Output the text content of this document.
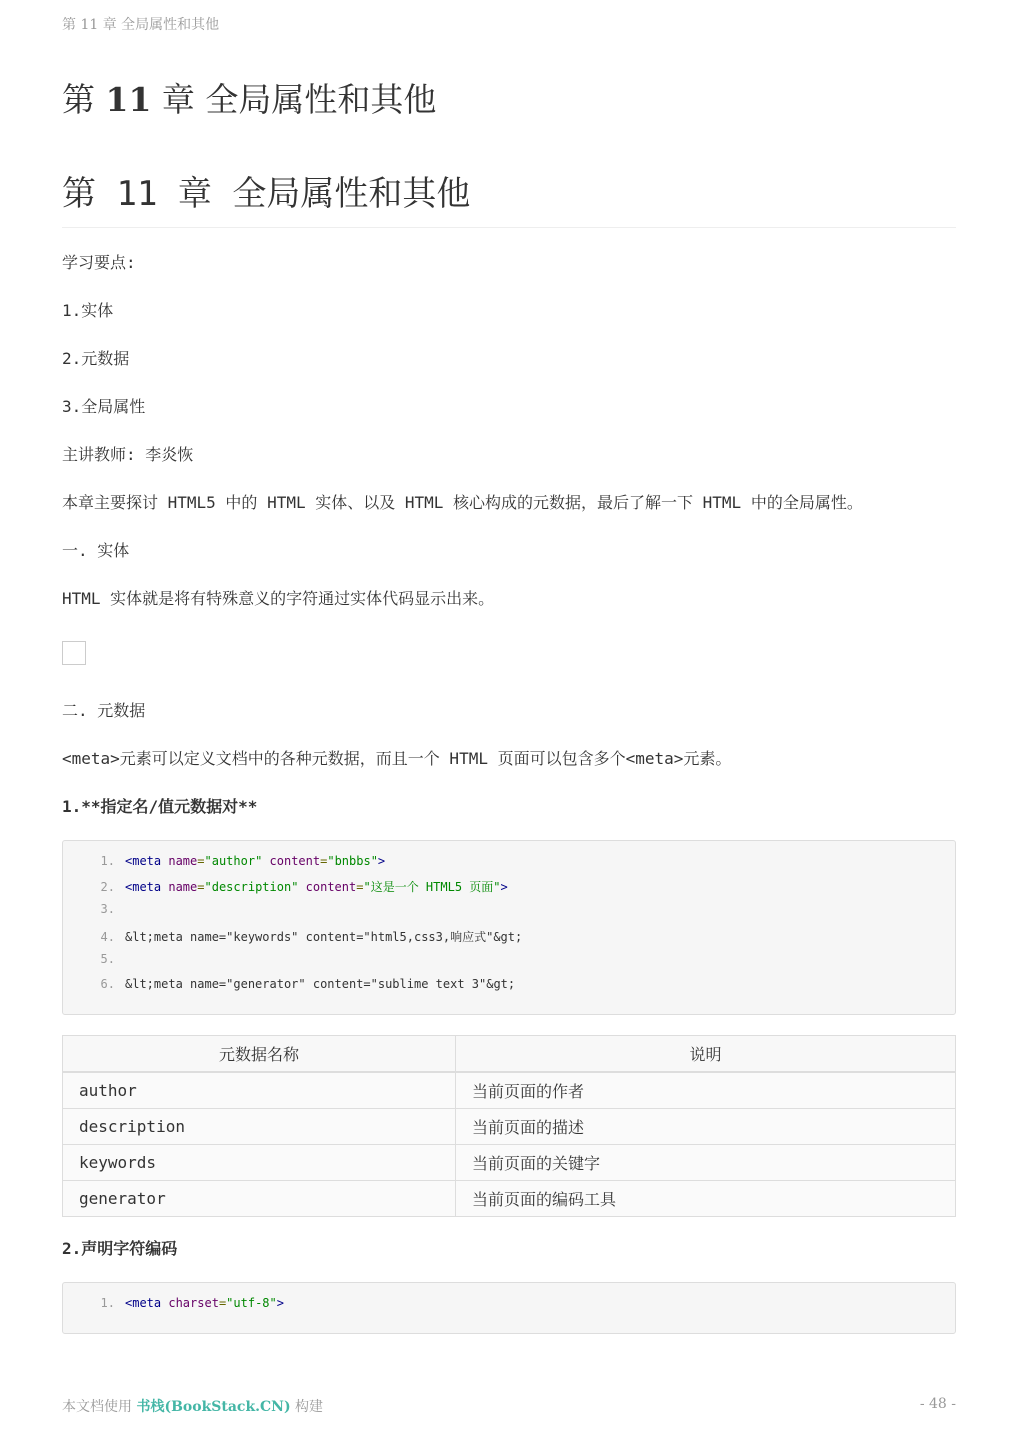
第 11 章 全局属性和其他
第 11 章 全局属性和其他
第 11 章 全局属性和其他

学习要点:

1.实体

2.元数据

3.全局属性

主讲教师: 李炎恢

本章主要探讨 HTML5 中的 HTML 实体、以及 HTML 核心构成的元数据，最后了解一下 HTML 中的全局属性。

一. 实体

HTML 实体就是将有特殊意义的字符通过实体代码显示出来。

二. 元数据

<meta>元素可以定义文档中的各种元数据，而且一个 HTML 页面可以包含多个<meta>元素。

1.**指定名/值元数据对**

1. <meta name="author" content="bnbbs">
2. <meta name="description" content="这是一个 HTML5 页面">
3.
4. &lt;meta name="keywords" content="html5,css3,响应式"&gt;
5.
6. &lt;meta name="generator" content="sublime text 3"&gt;
元数据名称	说明
author	当前页面的作者
description	当前页面的描述
keywords	当前页面的关键字
generator	当前页面的编码工具

2.声明字符编码

1. <meta charset="utf-8">
本文档使用 书栈(BookStack.CN) 构建	- 48 -
